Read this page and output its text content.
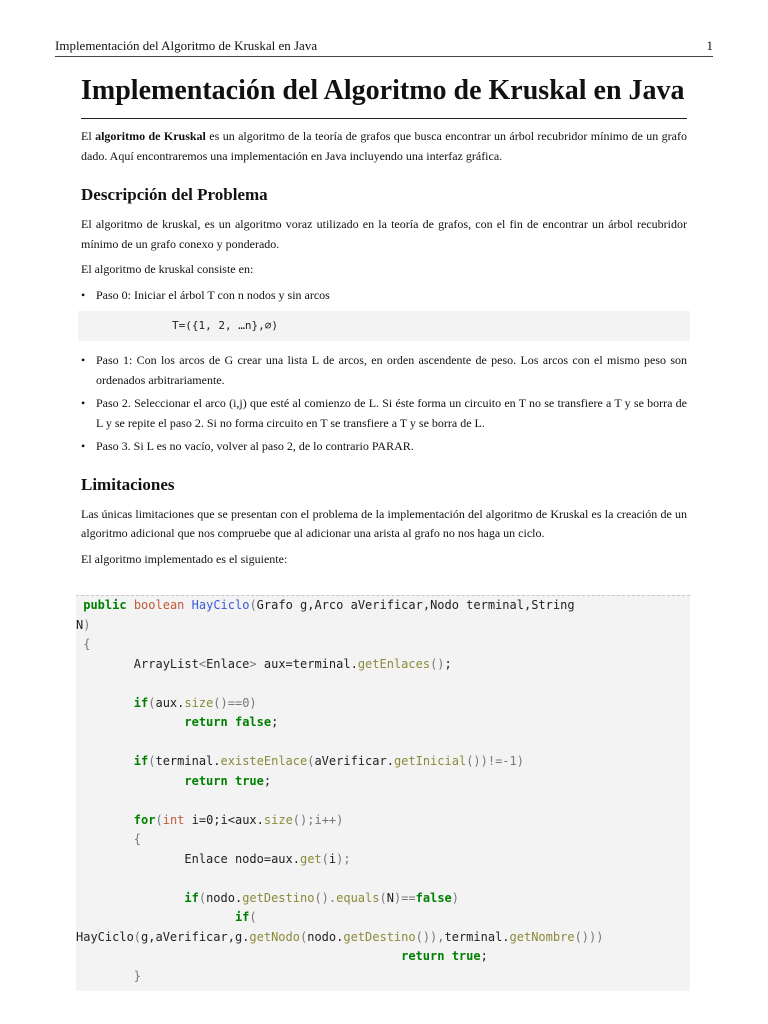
Implementación del Algoritmo de Kruskal en Java	1
Implementación del Algoritmo de Kruskal en Java

El algoritmo de Kruskal es un algoritmo de la teoría de grafos que busca encontrar un árbol recubridor mínimo de un grafo dado. Aquí encontraremos una implementación en Java incluyendo una interfaz gráfica.

Descripción del Problema

El algoritmo de kruskal, es un algoritmo voraz utilizado en la teoría de grafos, con el fin de encontrar un árbol recubridor mínimo de un grafo conexo y ponderado.

El algoritmo de kruskal consiste en:

• Paso 0: Iniciar el árbol T con n nodos y sin arcos
T=({1, 2, …n},∅)
• Paso 1: Con los arcos de G crear una lista L de arcos, en orden ascendente de peso. Los arcos con el mismo peso son ordenados arbitrariamente.
• Paso 2. Seleccionar el arco (i,j) que esté al comienzo de L. Si éste forma un circuito en T no se transfiere a T y se borra de L y se repite el paso 2. Si no forma circuito en T se transfiere a T y se borra de L.
• Paso 3. Si L es no vacío, volver al paso 2, de lo contrario PARAR.
Limitaciones

Las únicas limitaciones que se presentan con el problema de la implementación del algoritmo de Kruskal es la creación de un algoritmo adicional que nos compruebe que al adicionar una arista al grafo no nos haga un ciclo.

El algoritmo implementado es el siguiente:

public boolean HayCiclo(Grafo g,Arco aVerificar,Nodo terminal,String
N)
{
ArrayList<Enlace> aux=terminal.getEnlaces();
if(aux.size()==0)
return false;
if(terminal.existeEnlace(aVerificar.getInicial())!=-1)
return true;
for(int i=0;i<aux.size();i++)
{
Enlace nodo=aux.get(i);
if(nodo.getDestino().equals(N)==false)
if(
HayCiclo(g,aVerificar,g.getNodo(nodo.getDestino()),terminal.getNombre()))
return true;
}
